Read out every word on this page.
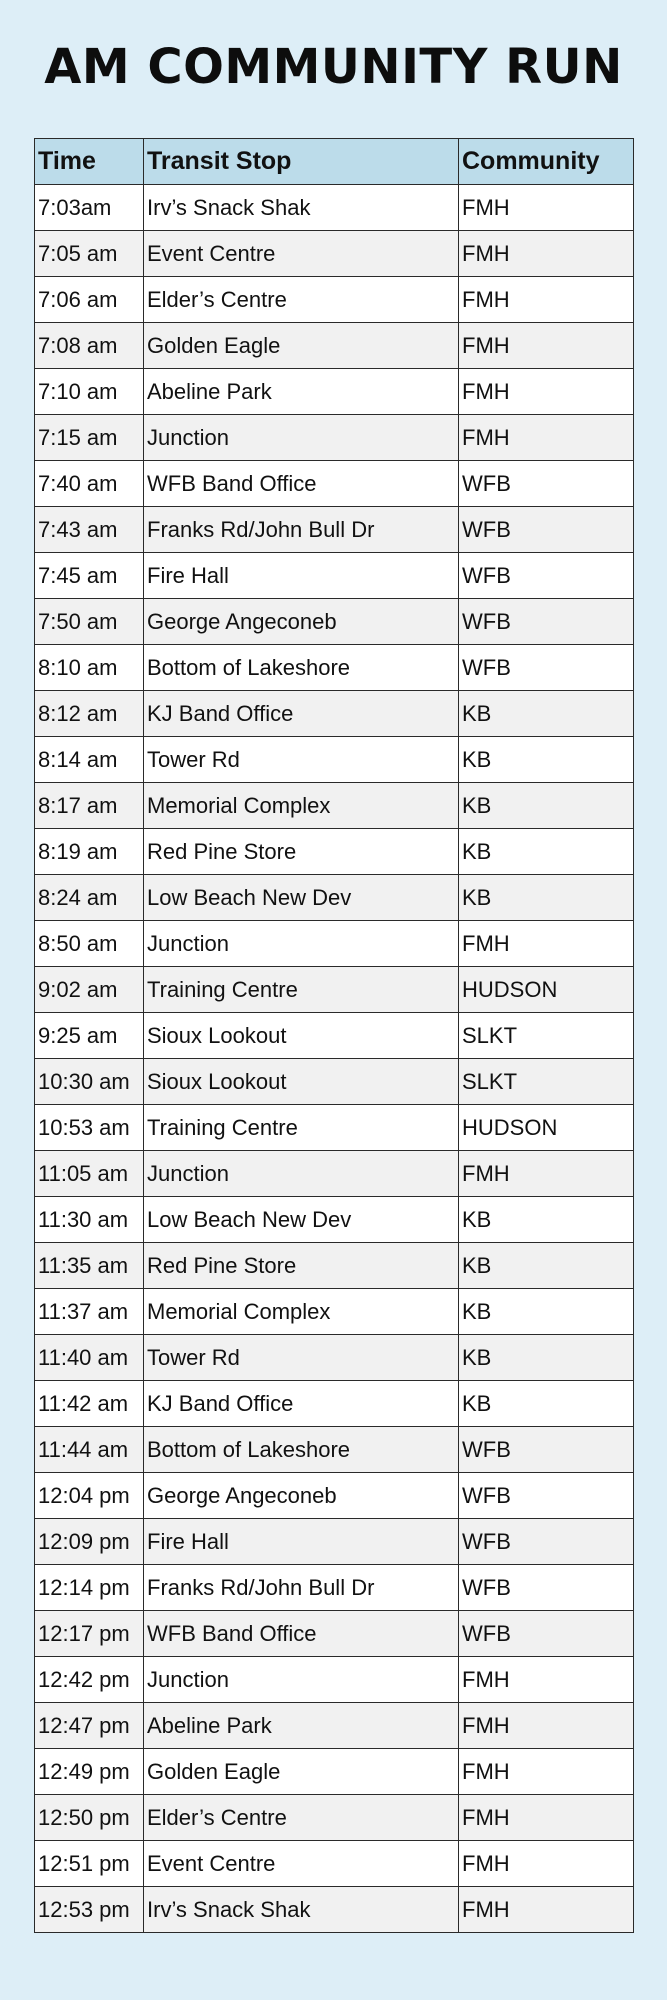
AM COMMUNITY RUN
Time	Transit Stop	Community
7:03am	Irv’s Snack Shak	FMH
7:05 am	Event Centre	FMH
7:06 am	Elder’s Centre	FMH
7:08 am	Golden Eagle	FMH
7:10 am	Abeline Park	FMH
7:15 am	Junction	FMH
7:40 am	WFB Band Office	WFB
7:43 am	Franks Rd/John Bull Dr	WFB
7:45 am	Fire Hall	WFB
7:50 am	George Angeconeb	WFB
8:10 am	Bottom of Lakeshore	WFB
8:12 am	KJ Band Office	KB
8:14 am	Tower Rd	KB
8:17 am	Memorial Complex	KB
8:19 am	Red Pine Store	KB
8:24 am	Low Beach New Dev	KB
8:50 am	Junction	FMH
9:02 am	Training Centre	HUDSON
9:25 am	Sioux Lookout	SLKT
10:30 am	Sioux Lookout	SLKT
10:53 am	Training Centre	HUDSON
11:05 am	Junction	FMH
11:30 am	Low Beach New Dev	KB
11:35 am	Red Pine Store	KB
11:37 am	Memorial Complex	KB
11:40 am	Tower Rd	KB
11:42 am	KJ Band Office	KB
11:44 am	Bottom of Lakeshore	WFB
12:04 pm	George Angeconeb	WFB
12:09 pm	Fire Hall	WFB
12:14 pm	Franks Rd/John Bull Dr	WFB
12:17 pm	WFB Band Office	WFB
12:42 pm	Junction	FMH
12:47 pm	Abeline Park	FMH
12:49 pm	Golden Eagle	FMH
12:50 pm	Elder’s Centre	FMH
12:51 pm	Event Centre	FMH
12:53 pm	Irv’s Snack Shak	FMH
